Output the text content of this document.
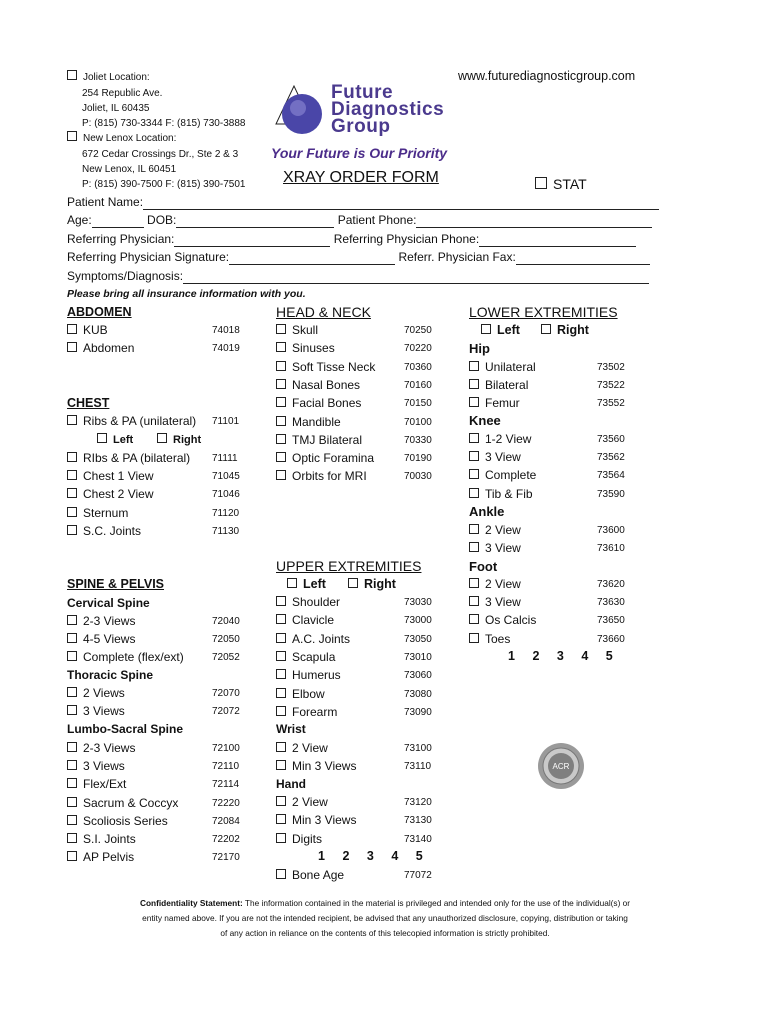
Joliet Location:
254 Republic Ave.
Joliet, IL 60435
P: (815) 730-3344 F: (815) 730-3888
New Lenox Location:
672 Cedar Crossings Dr., Ste 2 & 3
New Lenox, IL 60451
P: (815) 390-7500 F: (815) 390-7501
Future
Diagnostics
Group
Your Future is Our Priority
www.futurediagnosticgroup.com
XRAY ORDER FORM	STAT
Patient Name:
Age:	DOB:	Patient Phone:
Referring Physician:	Referring Physician Phone:
Referring Physician Signature:	Referr. Physician Fax:
Symptoms/Diagnosis:
Please bring all insurance information with you.
KUB	74018
Abdomen	74019
Ribs & PA (unilateral) 71101
RIbs & PA (bilateral) 71111
Chest 1 View	71045
Chest 2 View	71046
Sternum	71120
S.C. Joints	71130
2-3 Views	72040
4-5 Views	72050
Complete (flex/ext)	72052
2 Views	72070
3 Views	72072
2-3 Views	72100
3 Views	72110
Flex/Ext	72114
Sacrum & Coccyx	72220
Scoliosis Series	72084
S.I. Joints	72202
AP Pelvis	72170
Skull	70250
Sinuses	70220
Soft Tisse Neck	70360
Nasal Bones	70160
Facial Bones	70150
Mandible	70100
TMJ Bilateral	70330
Optic Foramina	70190
Orbits for MRI	70030
Shoulder	73030
Clavicle	73000
A.C. Joints	73050
Scapula	73010
Humerus	73060
Elbow	73080
Forearm	73090
2 View	73100
Min 3 Views	73110
2 View	73120
Min 3 Views	73130
Digits	73140
Unilateral	73502
Bilateral	73522
Femur	73552
1-2 View	73560
3 View	73562
Complete	73564
Tib & Fib	73590
2 View	73600
3 View	73610
2 View	73620
3 View	73630
Os Calcis	73650
Toes	73660
Bone Age	77072
ABDOMEN
CHEST
SPINE & PELVIS
Cervical Spine
Thoracic Spine
Lumbo-Sacral Spine
HEAD & NECK
UPPER EXTREMITIES
Wrist
Hand
LOWER EXTREMITIES
Hip
Knee
Ankle
Foot
Left	Right
Left	Right
Left	Right
1 2 3 4 5
1 2 3 4 5
ACR
Confidentiality Statement: The information contained in the material is privileged and intended only for the use of the individual(s) or
entity named above. If you are not the intended recipient, be advised that any unauthorized disclosure, copying, distribution or taking
of any action in reliance on the contents of this telecopied information is strictly prohibited.
